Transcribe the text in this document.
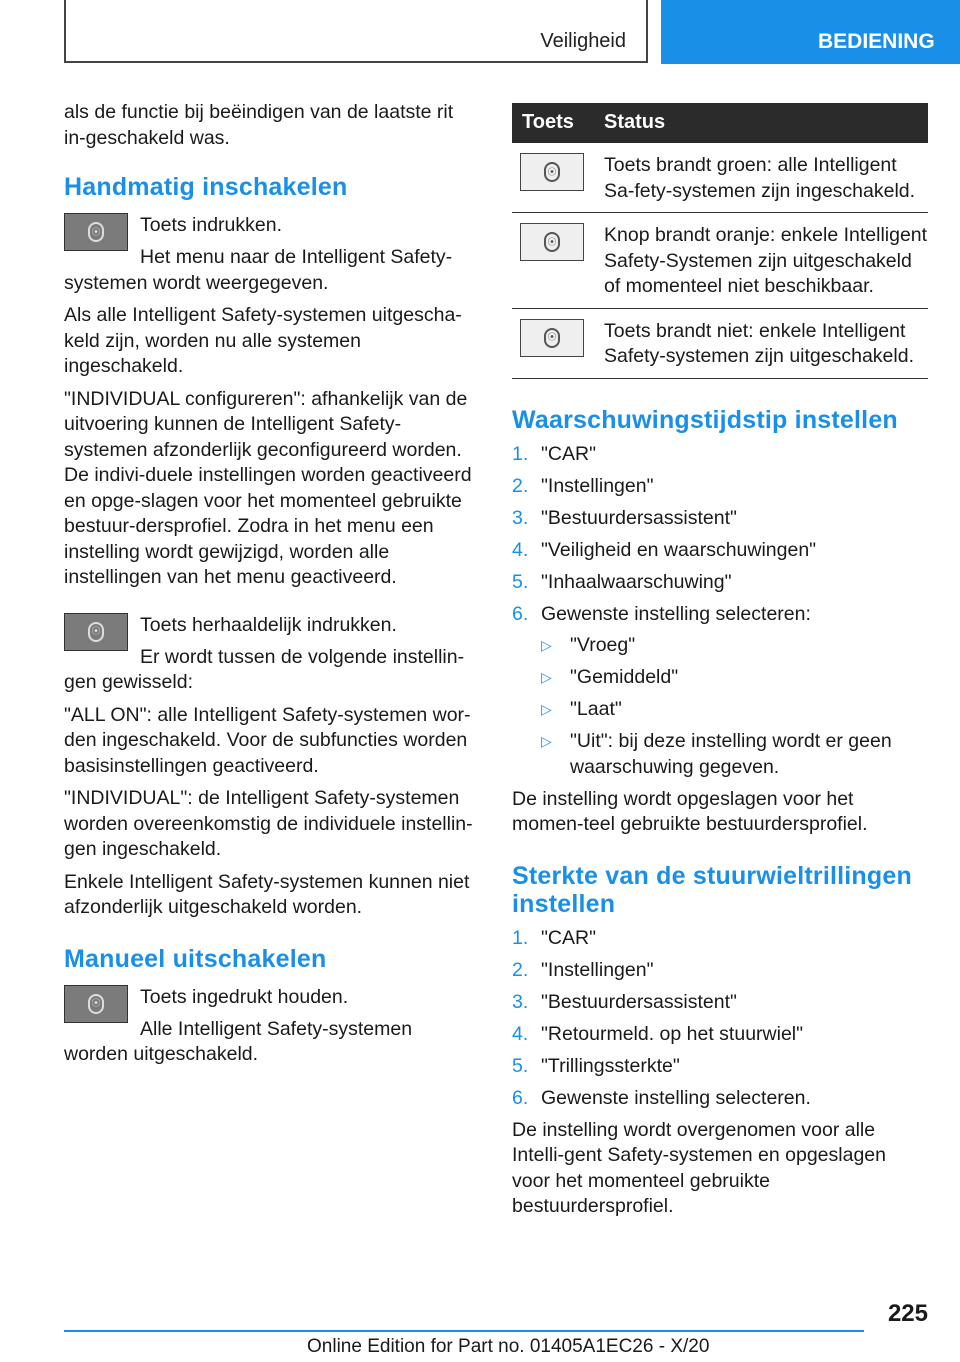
Veiligheid	BEDIENING

als de functie bij beëindigen van de laatste rit in-geschakeld was.

Handmatig inschakelen
⦿ Toets indrukken.

Het menu naar de Intelligent Safety-systemen wordt weergegeven.

Als alle Intelligent Safety-systemen uitgescha-keld zijn, worden nu alle systemen ingeschakeld.

"INDIVIDUAL configureren": afhankelijk van de uitvoering kunnen de Intelligent Safety-systemen afzonderlijk geconfigureerd worden. De indivi-duele instellingen worden geactiveerd en opge-slagen voor het momenteel gebruikte bestuur-dersprofiel. Zodra in het menu een instelling wordt gewijzigd, worden alle instellingen van het menu geactiveerd.

⦿ Toets herhaaldelijk indrukken.

Er wordt tussen de volgende instellin-gen gewisseld:

"ALL ON": alle Intelligent Safety-systemen wor-den ingeschakeld. Voor de subfuncties worden basisinstellingen geactiveerd.

"INDIVIDUAL": de Intelligent Safety-systemen worden overeenkomstig de individuele instellin-gen ingeschakeld.

Enkele Intelligent Safety-systemen kunnen niet afzonderlijk uitgeschakeld worden.

Manueel uitschakelen
⦿ Toets ingedrukt houden.

Alle Intelligent Safety-systemen worden uitgeschakeld.

Toets	Status

⦿	Toets brandt groen: alle Intelligent Sa-fety-systemen zijn ingeschakeld.

⦿	Knop brandt oranje: enkele Intelligent Safety-Systemen zijn uitgeschakeld of momenteel niet beschikbaar.

⦿	Toets brandt niet: enkele Intelligent Safety-systemen zijn uitgeschakeld.
Waarschuwingstijdstip instellen
1. "CAR"
2. "Instellingen"
3. "Bestuurdersassistent"
4. "Veiligheid en waarschuwingen"
5. "Inhaalwaarschuwing"
6. Gewenste instelling selecteren:
▷ "Vroeg"
▷ "Gemiddeld"
▷ "Laat"
▷ "Uit": bij deze instelling wordt er geen waarschuwing gegeven.

De instelling wordt opgeslagen voor het momen-teel gebruikte bestuurdersprofiel.

Sterkte van de stuurwieltrillingen instellen
1. "CAR"
2. "Instellingen"
3. "Bestuurdersassistent"
4. "Retourmeld. op het stuurwiel"
5. "Trillingssterkte"
6. Gewenste instelling selecteren.

De instelling wordt overgenomen voor alle Intelli-gent Safety-systemen en opgeslagen voor het momenteel gebruikte bestuurdersprofiel.

225
Online Edition for Part no. 01405A1EC26 - X/20
